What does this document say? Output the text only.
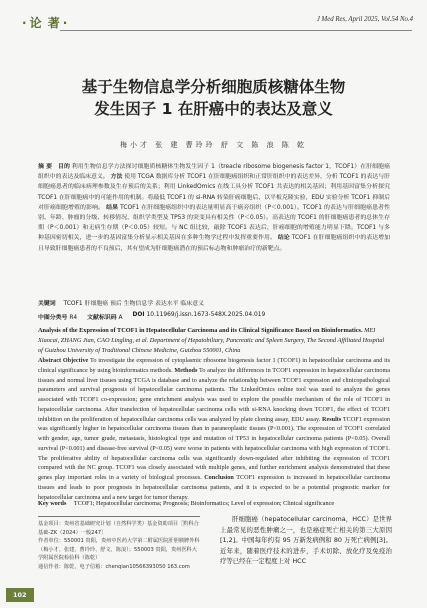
· 论 著 ·	J Med Res, April 2025, Vol.54 No.4
基于生物信息学分析细胞质核糖体生物
发生因子 1 在肝癌中的表达及意义
梅小才 张 建 曹玲玲 舒 文 陈 浪 陈 乾
摘 要 目的 利用生物信息学方法探讨细胞质核糖体生物发生因子 1（treacle ribosome biogenesis factor 1，TCOF1）在肝细胞癌组织中的表达及临床意义。 方法 使用 TCGA 数据库分析 TCOF1 在肝细胞癌组织和正常肝组织中的表达差异，分析 TCOF1 的表达与肝细胞癌患者的临床病理参数及生存预后的关系；利用 LinkedOmics 在线工具分析 TCOF1 共表达的相关基因；利用基因富集分析探究 TCOF1 在肝细胞癌中的可能作用的机制。将敲低 TCOF1 的 si-RNA 转染肝癌细胞后，以平板克隆实验，EDU 实验分析 TCOF1 抑制后对肝癌细胞增殖的影响。 结果 TCOF1 在肝细胞癌组织中的表达量明显高于癌旁组织（P＜0.001）。TCOF1 的表达与肝细胞癌患者性别、年龄、肿瘤的分级、转移情况、组织学类型及 TP53 的突变具有相关性（P＜0.05）。高表达的 TCOF1 的肝细胞癌患者的总体生存期（P＜0.001）和无病生存期（P＜0.05）较短。与 NC 组比较，敲除 TCOF1 表达后，肝癌细胞的增殖能力明显下降。TCOF1 与多种基因密切相关，进一步的基因富集分析显示相关基因在多种生物学过程中发挥重要作用。 结论 TCOF1 在肝细胞癌组织中的表达增加且导致肝细胞癌患者的不良预后，其有望成为肝细胞癌潜在的预后标志物和肿瘤治疗的新靶点。
关键词 TCOF1 肝细胞癌 预后 生物信息学 表达水平 临床意义
中图分类号 R4 文献标识码 A DOI 10.11969/j.issn.1673-548X.2025.04.019
Analysis of the Expression of TCOF1 in Hepatocellular Carcinoma and its Clinical Significance Based on Bioinformatics. MEI Xiaocai, ZHANG Jian, CAO Lingling, et al. Department of Hepatobiliary, Pancreatic and Spleen Surgery, The Second Affiliated Hospital of Guizhou University of Traditional Chinese Medicine, Guizhou 550001, China
Abstract Objective To investigate the expression of cytoplasmic ribosome biogenesis factor 1 (TCOF1) in hepatocellular carcinoma and its clinical significance by using bioinformatics methods. Methods To analyze the differences in TCOF1 expression in hepatocellular carcinoma tissues and normal liver tissues using TCGA is database and to analyze the relationship between TCOF1 expression and clinicopathological parameters and survival prognosis of hepatocellular carcinoma patients. The LinkedOmics online tool was used to analyze the genes associated with TCOF1 co-expression; gene enrichment analysis was used to explore the possible mechanism of the role of TCOF1 in hepatocellular carcinoma. After transfection of hepatocellular carcinoma cells with si-RNA knocking down TCOF1, the effect of TCOF1 inhibition on the proliferation of hepatocellular carcinoma cells was analyzed by plate cloning assay, EDU assay. Results TCOF1 expression was significantly higher in hepatocellular carcinoma tissues than in paraneoplastic tissues (P<0.001). The expression of TCOF1 correlated with gender, age, tumor grade, metastasis, histological type and mutation of TP53 in hepatocellular carcinoma patients (P<0.05). Overall survival (P<0.001) and disease-free survival (P<0.05) were worse in patients with hepatocellular carcinoma with high expression of TCOF1. The proliferative ability of hepatocellular carcinoma cells was significantly down-regulated after inhibiting the expression of TCOF1 compared with the NC group. TCOF1 was closely associated with multiple genes, and further enrichment analysis demonstrated that these genes play important roles in a variety of biological processes. Conclusion TCOF1 expression is increased in hepatocellular carcinoma tissues and leads to poor prognosis in hepatocellular carcinoma patients, and it is expected to be a potential prognostic marker for hepatocellular carcinoma and a new target for tumor therapy.
Key words TCOF1; Hepatocellular carcinoma; Prognosis; Bioinformatics; Level of expression; Clinical significance
基金项目：贵州省基础研究计划（自然科学类）基金资助项目［黔科合基础-ZK（2024）一般247］
作者单位：550001 贵阳，贵州中医药大学第二附属医院肝胆胰脾外科（梅小才、张建、曹玲玲、舒文、陈浪）；550003 贵阳，贵州医科大学附属医院检验科（陈乾）
通信作者：陈乾，电子信箱：chenqian10566393050 163.com
肝细胞癌（hepatocellular carcinoma，HCC）是世界上最常见的恶性肿瘤之一，也是癌症死亡相关的第三大原因[1,2]。中国每年约有 95 万新发病例和 80 万死亡病例[3]。近年来，随着医疗技术的进步，手术切除、放化疗及免疫治疗等已经在一定程度上对 HCC
102
